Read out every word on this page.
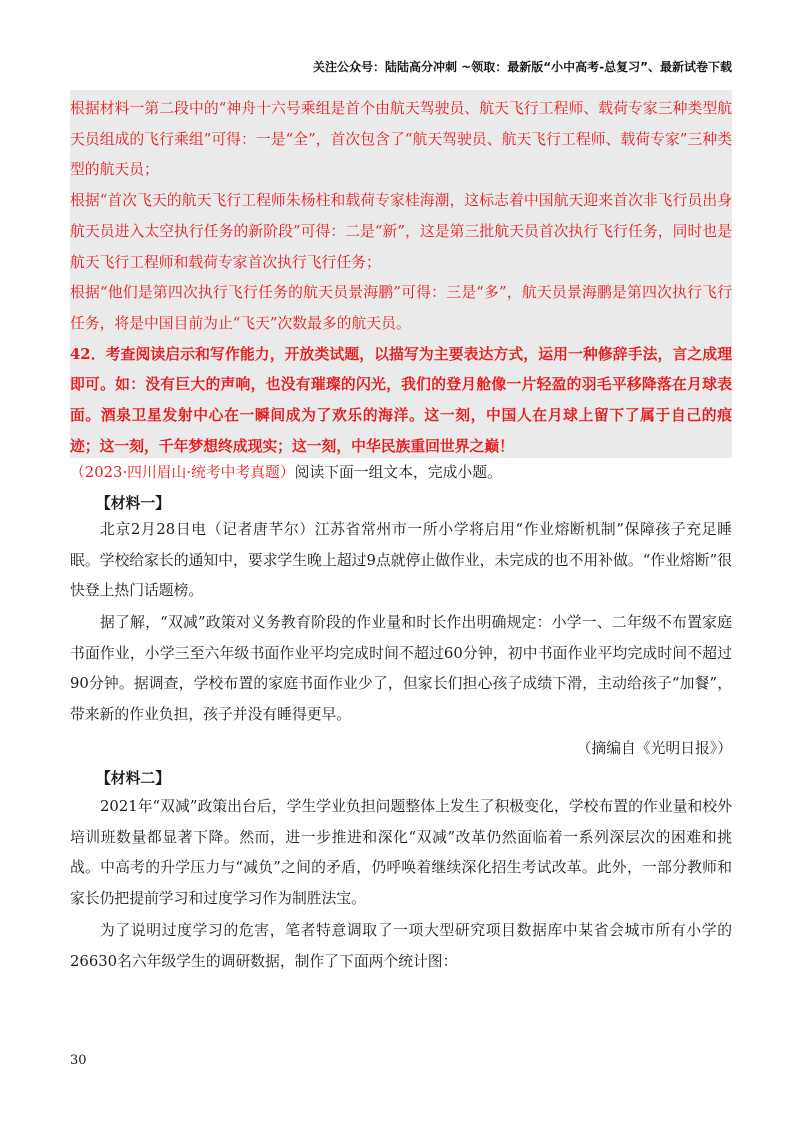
关注公众号：陆陆高分冲刺 ~领取：最新版“小中高考-总复习”、最新试卷下载

根据材料一第二段中的“神舟十六号乘组是首个由航天驾驶员、航天飞行工程师、载荷专家三种类型航天员组成的飞行乘组”可得：一是“全”，首次包含了“航天驾驶员、航天飞行工程师、载荷专家”三种类型的航天员；

根据“首次飞天的航天飞行工程师朱杨柱和载荷专家桂海潮，这标志着中国航天迎来首次非飞行员出身航天员进入太空执行任务的新阶段”可得：二是“新”，这是第三批航天员首次执行飞行任务，同时也是航天飞行工程师和载荷专家首次执行飞行任务；

根据“他们是第四次执行飞行任务的航天员景海鹏”可得：三是“多”，航天员景海鹏是第四次执行飞行任务，将是中国目前为止“飞天”次数最多的航天员。

42．考查阅读启示和写作能力，开放类试题，以描写为主要表达方式，运用一种修辞手法，言之成理即可。如：没有巨大的声响，也没有璀璨的闪光，我们的登月舱像一片轻盈的羽毛平移降落在月球表面。酒泉卫星发射中心在一瞬间成为了欢乐的海洋。这一刻，中国人在月球上留下了属于自己的痕迹；这一刻，千年梦想终成现实；这一刻，中华民族重回世界之巅！

（2023·四川眉山·统考中考真题）阅读下面一组文本，完成小题。
【材料一】

北京2月28日电（记者唐芊尔）江苏省常州市一所小学将启用“作业熔断机制”保障孩子充足睡眠。学校给家长的通知中，要求学生晚上超过9点就停止做作业，未完成的也不用补做。“作业熔断”很快登上热门话题榜。

据了解，“双减”政策对义务教育阶段的作业量和时长作出明确规定：小学一、二年级不布置家庭书面作业，小学三至六年级书面作业平均完成时间不超过60分钟，初中书面作业平均完成时间不超过90分钟。据调查，学校布置的家庭书面作业少了，但家长们担心孩子成绩下滑，主动给孩子“加餐”，带来新的作业负担，孩子并没有睡得更早。

（摘编自《光明日报》）
【材料二】

2021年“双减”政策出台后，学生学业负担问题整体上发生了积极变化，学校布置的作业量和校外培训班数量都显著下降。然而，进一步推进和深化“双减”改革仍然面临着一系列深层次的困难和挑战。中高考的升学压力与“减负”之间的矛盾，仍呼唤着继续深化招生考试改革。此外，一部分教师和家长仍把提前学习和过度学习作为制胜法宝。

为了说明过度学习的危害，笔者特意调取了一项大型研究项目数据库中某省会城市所有小学的26630名六年级学生的调研数据，制作了下面两个统计图：

30
